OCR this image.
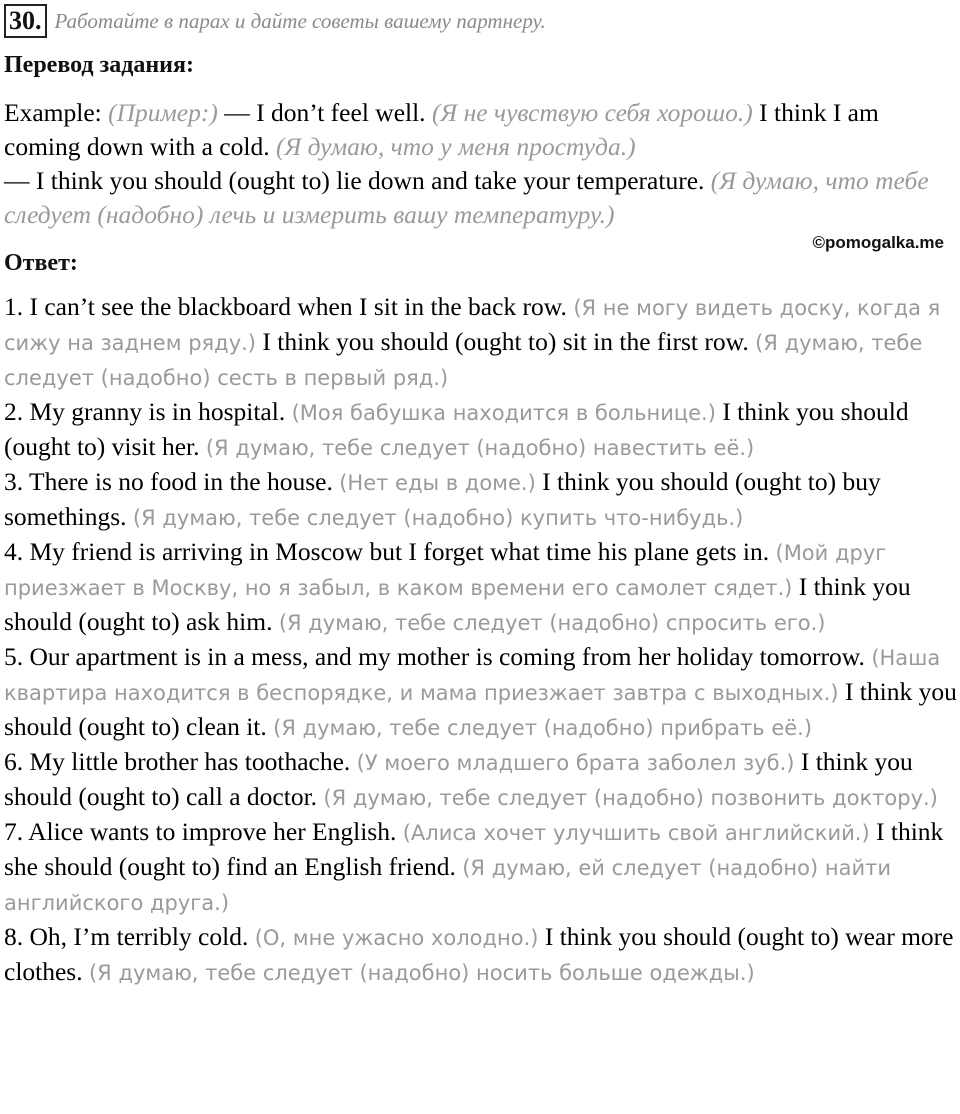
30. Работайте в парах и дайте советы вашему партнеру.
Перевод задания:
Example: (Пример:) — I don’t feel well. (Я не чувствую себя хорошо.) I think I am coming down with a cold. (Я думаю, что у меня простуда.)
— I think you should (ought to) lie down and take your temperature. (Я думаю, что тебе следует (надобно) лечь и измерить вашу температуру.)
©pomogalka.me
Ответ:

1. I can’t see the blackboard when I sit in the back row. (Я не могу видеть доску, когда я сижу на заднем ряду.) I think you should (ought to) sit in the first row. (Я думаю, тебе следует (надобно) сесть в первый ряд.)

2. My granny is in hospital. (Моя бабушка находится в больнице.) I think you should (ought to) visit her. (Я думаю, тебе следует (надобно) навестить её.)

3. There is no food in the house. (Нет еды в доме.) I think you should (ought to) buy somethings. (Я думаю, тебе следует (надобно) купить что-нибудь.)

4. My friend is arriving in Moscow but I forget what time his plane gets in. (Мой друг приезжает в Москву, но я забыл, в каком времени его самолет сядет.) I think you should (ought to) ask him. (Я думаю, тебе следует (надобно) спросить его.)

5. Our apartment is in a mess, and my mother is coming from her holiday tomorrow. (Наша квартира находится в беспорядке, и мама приезжает завтра с выходных.) I think you should (ought to) clean it. (Я думаю, тебе следует (надобно) прибрать её.)

6. My little brother has toothache. (У моего младшего брата заболел зуб.) I think you should (ought to) call a doctor. (Я думаю, тебе следует (надобно) позвонить доктору.)

7. Alice wants to improve her English. (Алиса хочет улучшить свой английский.) I think she should (ought to) find an English friend. (Я думаю, ей следует (надобно) найти английского друга.)

8. Oh, I’m terribly cold. (О, мне ужасно холодно.) I think you should (ought to) wear more clothes. (Я думаю, тебе следует (надобно) носить больше одежды.)
